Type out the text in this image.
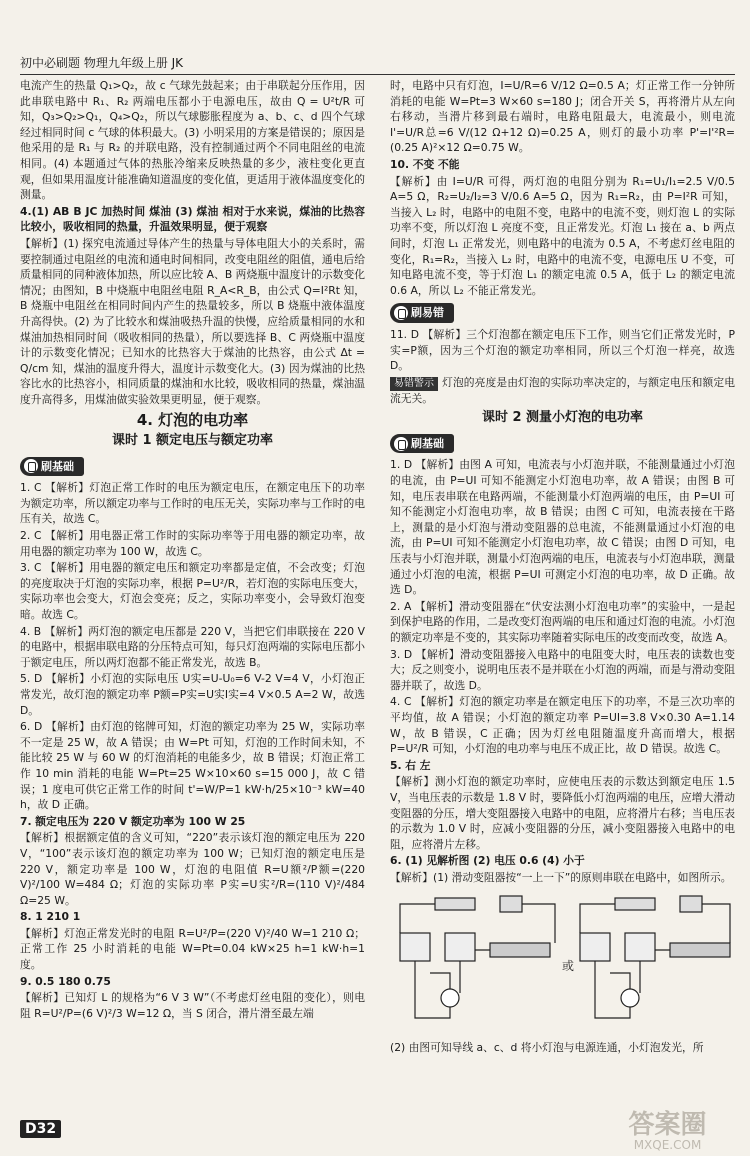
初中必刷题 物理九年级上册 JK

电流产生的热量 Q₁>Q₂，故 c 气球先鼓起来；由于串联起分压作用，因此串联电路中 R₁、R₂ 两端电压都小于电源电压，故由 Q = U²t/R 可知，Q₃>Q₂>Q₁，Q₄>Q₂，所以气球膨胀程度为 a、b、c、d 四个气球经过相同时间 c 气球的体积最大。(3) 小明采用的方案是错误的；原因是他采用的是 R₁ 与 R₂ 的并联电路，没有控制通过两个不同电阻丝的电流相同。(4) 本题通过气体的热胀冷缩来反映热量的多少，液柱变化更直观，但如果用温度计能准确知道温度的变化值，更适用于液体温度变化的测量。

4.(1) AB B JC 加热时间 煤油 (3) 煤油 相对于水来说，煤油的比热容比较小，吸收相同的热量，升温效果明显，便于观察

【解析】(1) 探究电流通过导体产生的热量与导体电阻大小的关系时，需要控制通过电阻丝的电流和通电时间相同，改变电阻丝的阻值，通电后给质量相同的同种液体加热，所以应比较 A、B 两烧瓶中温度计的示数变化情况；由图知，B 中烧瓶中电阻丝电阻 R_A<R_B，由公式 Q=I²Rt 知，B 烧瓶中电阻丝在相同时间内产生的热量较多，所以 B 烧瓶中液体温度升高得快。(2) 为了比较水和煤油吸热升温的快慢，应给质量相同的水和煤油加热相同时间（吸收相同的热量），所以要选择 B、C 两烧瓶中温度计的示数变化情况；已知水的比热容大于煤油的比热容，由公式 Δt = Q/cm 知，煤油的温度升得大，温度计示数变化大。(3) 因为煤油的比热容比水的比热容小，相同质量的煤油和水比较，吸收相同的热量，煤油温度升高得多，用煤油做实验效果更明显，便于观察。

4. 灯泡的电功率
课时 1 额定电压与额定功率
刷基础

1. C 【解析】灯泡正常工作时的电压为额定电压，在额定电压下的功率为额定功率，所以额定功率与工作时的电压无关，实际功率与工作时的电压有关，故选 C。

2. C 【解析】用电器正常工作时的实际功率等于用电器的额定功率，故用电器的额定功率为 100 W，故选 C。

3. C 【解析】用电器的额定电压和额定功率都是定值，不会改变；灯泡的亮度取决于灯泡的实际功率，根据 P=U²/R，若灯泡的实际电压变大，实际功率也会变大，灯泡会变亮；反之，实际功率变小，会导致灯泡变暗。故选 C。

4. B 【解析】两灯泡的额定电压都是 220 V，当把它们串联接在 220 V 的电路中，根据串联电路的分压特点可知，每只灯泡两端的实际电压都小于额定电压，所以两灯泡都不能正常发光，故选 B。

5. D 【解析】小灯泡的实际电压 U实=U-U₀=6 V-2 V=4 V，小灯泡正常发光，故灯泡的额定功率 P额=P实=U实I实=4 V×0.5 A=2 W，故选 D。

6. D 【解析】由灯泡的铭牌可知，灯泡的额定功率为 25 W，实际功率不一定是 25 W，故 A 错误；由 W=Pt 可知，灯泡的工作时间未知，不能比较 25 W 与 60 W 的灯泡消耗的电能多少，故 B 错误；灯泡正常工作 10 min 消耗的电能 W=Pt=25 W×10×60 s=15 000 J，故 C 错误；1 度电可供它正常工作的时间 t'=W/P=1 kW·h/25×10⁻³ kW=40 h，故 D 正确。

7. 额定电压为 220 V 额定功率为 100 W 25

【解析】根据额定值的含义可知，“220”表示该灯泡的额定电压为 220 V，“100”表示该灯泡的额定功率为 100 W；已知灯泡的额定电压是 220 V，额定功率是 100 W，灯泡的电阻值 R=U额²/P额=(220 V)²/100 W=484 Ω；灯泡的实际功率 P实=U实²/R=(110 V)²/484 Ω=25 W。

8. 1 210 1

【解析】灯泡正常发光时的电阻 R=U²/P=(220 V)²/40 W=1 210 Ω；正常工作 25 小时消耗的电能 W=Pt=0.04 kW×25 h=1 kW·h=1 度。

9. 0.5 180 0.75

【解析】已知灯 L 的规格为“6 V 3 W”（不考虑灯丝电阻的变化），则电阻 R=U²/P=(6 V)²/3 W=12 Ω，当 S 闭合，滑片滑至最左端

时，电路中只有灯泡，I=U/R=6 V/12 Ω=0.5 A；灯正常工作一分钟所消耗的电能 W=Pt=3 W×60 s=180 J；闭合开关 S，再将滑片从左向右移动，当滑片移到最右端时，电路电阻最大，电流最小，则电流 I'=U/R总=6 V/(12 Ω+12 Ω)=0.25 A，则灯的最小功率 P'=I'²R=(0.25 A)²×12 Ω=0.75 W。

10. 不变 不能

【解析】由 I=U/R 可得，两灯泡的电阻分别为 R₁=U₁/I₁=2.5 V/0.5 A=5 Ω，R₂=U₂/I₂=3 V/0.6 A=5 Ω，因为 R₁=R₂，由 P=I²R 可知，当接入 L₂ 时，电路中的电阻不变，电路中的电流不变，则灯泡 L 的实际功率不变，所以灯泡 L 亮度不变，且正常发光。灯泡 L₁ 接在 a、b 两点间时，灯泡 L₁ 正常发光，则电路中的电流为 0.5 A，不考虑灯丝电阻的变化，R₁=R₂，当接入 L₂ 时，电路中的电流不变，电源电压 U 不变，可知电路电流不变，等于灯泡 L₁ 的额定电流 0.5 A，低于 L₂ 的额定电流 0.6 A，所以 L₂ 不能正常发光。

刷易错

11. D 【解析】三个灯泡都在额定电压下工作，则当它们正常发光时，P实=P额，因为三个灯泡的额定功率相同，所以三个灯泡一样亮，故选 D。

易错警示 灯泡的亮度是由灯泡的实际功率决定的，与额定电压和额定电流无关。

课时 2 测量小灯泡的电功率
刷基础

1. D 【解析】由图 A 可知，电流表与小灯泡并联，不能测量通过小灯泡的电流，由 P=UI 可知不能测定小灯泡电功率，故 A 错误；由图 B 可知，电压表串联在电路两端，不能测量小灯泡两端的电压，由 P=UI 可知不能测定小灯泡电功率，故 B 错误；由图 C 可知，电流表接在干路上，测量的是小灯泡与滑动变阻器的总电流，不能测量通过小灯泡的电流，由 P=UI 可知不能测定小灯泡电功率，故 C 错误；由图 D 可知，电压表与小灯泡并联，测量小灯泡两端的电压，电流表与小灯泡串联，测量通过小灯泡的电流，根据 P=UI 可测定小灯泡的电功率，故 D 正确。故选 D。

2. A 【解析】滑动变阻器在“伏安法测小灯泡电功率”的实验中，一是起到保护电路的作用，二是改变灯泡两端的电压和通过灯泡的电流。小灯泡的额定功率是不变的，其实际功率随着实际电压的改变而改变，故选 A。

3. D 【解析】滑动变阻器接入电路中的电阻变大时，电压表的读数也变大；反之则变小，说明电压表不是并联在小灯泡的两端，而是与滑动变阻器并联了，故选 D。

4. C 【解析】灯泡的额定功率是在额定电压下的功率，不是三次功率的平均值，故 A 错误；小灯泡的额定功率 P=UI=3.8 V×0.30 A=1.14 W，故 B 错误，C 正确；因为灯丝电阻随温度升高而增大，根据 P=U²/R 可知，小灯泡的电功率与电压不成正比，故 D 错误。故选 C。

5. 右 左

【解析】测小灯泡的额定功率时，应使电压表的示数达到额定电压 1.5 V，当电压表的示数是 1.8 V 时，要降低小灯泡两端的电压，应增大滑动变阻器的分压，增大变阻器接入电路中的电阻，应将滑片右移；当电压表的示数为 1.0 V 时，应减小变阻器的分压，减小变阻器接入电路中的电阻，应将滑片左移。

6. (1) 见解析图 (2) 电压 0.6 (4) 小于

【解析】(1) 滑动变阻器按“一上一下”的原则串联在电路中，如图所示。

或

(2) 由图可知导线 a、c、d 将小灯泡与电源连通，小灯泡发光，所

D32	答案圈
MXQE.COM
